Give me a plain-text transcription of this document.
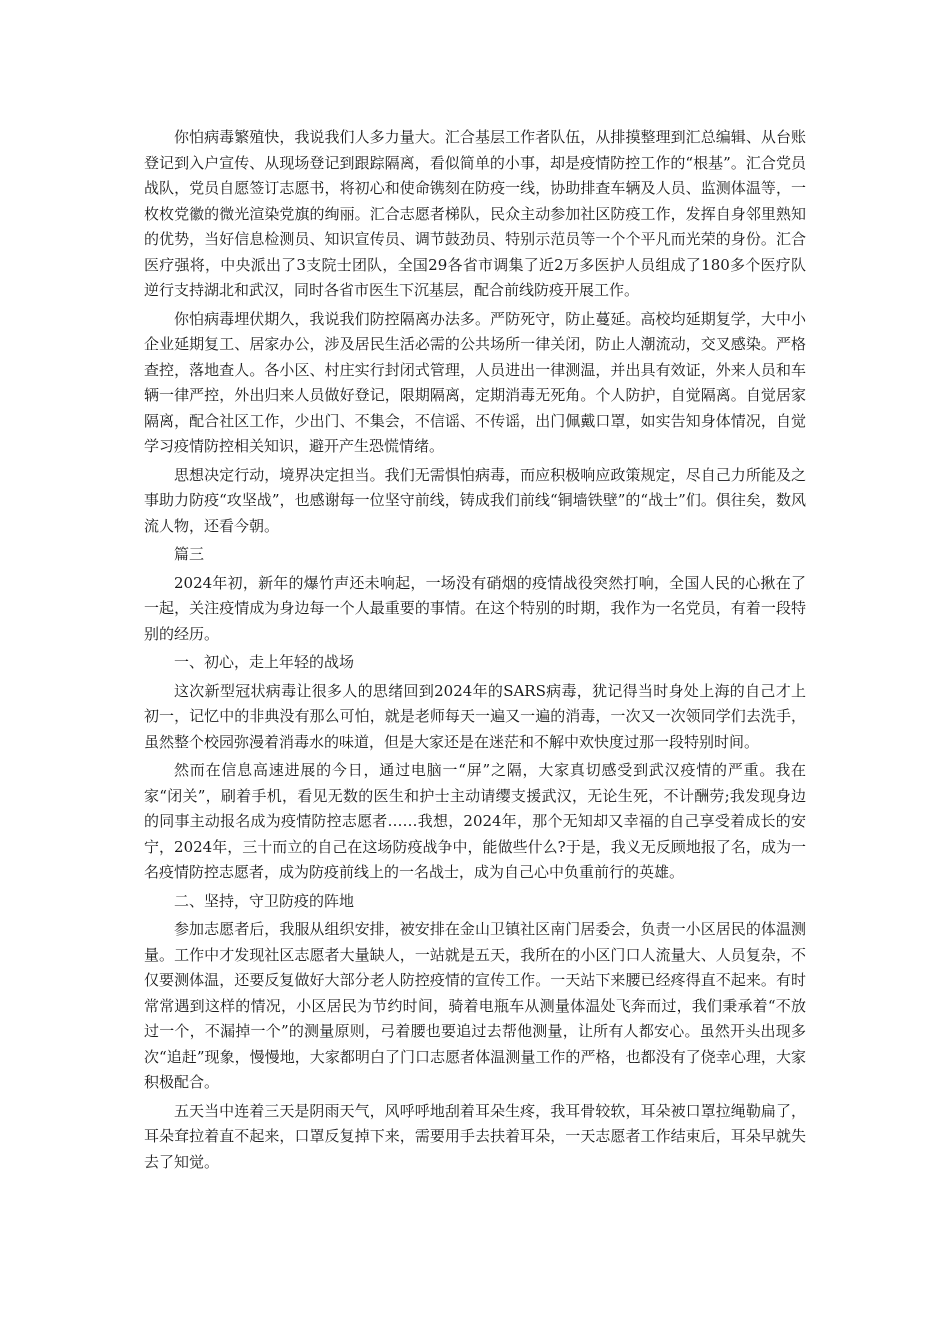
你怕病毒繁殖快，我说我们人多力量大。汇合基层工作者队伍，从排摸整理到汇总编辑、从台账登记到入户宣传、从现场登记到跟踪隔离，看似简单的小事，却是疫情防控工作的“根基”。汇合党员战队，党员自愿签订志愿书，将初心和使命镌刻在防疫一线，协助排查车辆及人员、监测体温等，一枚枚党徽的微光渲染党旗的绚丽。汇合志愿者梯队，民众主动参加社区防疫工作，发挥自身邻里熟知的优势，当好信息检测员、知识宣传员、调节鼓劲员、特别示范员等一个个平凡而光荣的身份。汇合医疗强将，中央派出了3支院士团队，全国29各省市调集了近2万多医护人员组成了180多个医疗队逆行支持湖北和武汉，同时各省市医生下沉基层，配合前线防疫开展工作。

你怕病毒埋伏期久，我说我们防控隔离办法多。严防死守，防止蔓延。高校均延期复学，大中小企业延期复工、居家办公，涉及居民生活必需的公共场所一律关闭，防止人潮流动，交叉感染。严格查控，落地查人。各小区、村庄实行封闭式管理，人员进出一律测温，并出具有效证，外来人员和车辆一律严控，外出归来人员做好登记，限期隔离，定期消毒无死角。个人防护，自觉隔离。自觉居家隔离，配合社区工作，少出门、不集会，不信谣、不传谣，出门佩戴口罩，如实告知身体情况，自觉学习疫情防控相关知识，避开产生恐慌情绪。

思想决定行动，境界决定担当。我们无需惧怕病毒，而应积极响应政策规定，尽自己力所能及之事助力防疫“攻坚战”，也感谢每一位坚守前线，铸成我们前线“铜墙铁壁”的“战士”们。俱往矣，数风流人物，还看今朝。

篇三

2024年初，新年的爆竹声还未响起，一场没有硝烟的疫情战役突然打响，全国人民的心揪在了一起，关注疫情成为身边每一个人最重要的事情。在这个特别的时期，我作为一名党员，有着一段特别的经历。

一、初心，走上年轻的战场

这次新型冠状病毒让很多人的思绪回到2024年的SARS病毒，犹记得当时身处上海的自己才上初一，记忆中的非典没有那么可怕，就是老师每天一遍又一遍的消毒，一次又一次领同学们去洗手，虽然整个校园弥漫着消毒水的味道，但是大家还是在迷茫和不解中欢快度过那一段特别时间。

然而在信息高速进展的今日，通过电脑一“屏”之隔，大家真切感受到武汉疫情的严重。我在家“闭关”，刷着手机，看见无数的医生和护士主动请缨支援武汉，无论生死，不计酬劳;我发现身边的同事主动报名成为疫情防控志愿者……我想，2024年，那个无知却又幸福的自己享受着成长的安宁，2024年，三十而立的自己在这场防疫战争中，能做些什么?于是，我义无反顾地报了名，成为一名疫情防控志愿者，成为防疫前线上的一名战士，成为自己心中负重前行的英雄。

二、坚持，守卫防疫的阵地

参加志愿者后，我服从组织安排，被安排在金山卫镇社区南门居委会，负责一小区居民的体温测量。工作中才发现社区志愿者大量缺人，一站就是五天，我所在的小区门口人流量大、人员复杂，不仅要测体温，还要反复做好大部分老人防控疫情的宣传工作。一天站下来腰已经疼得直不起来。有时常常遇到这样的情况，小区居民为节约时间，骑着电瓶车从测量体温处飞奔而过，我们秉承着“不放过一个，不漏掉一个”的测量原则，弓着腰也要追过去帮他测量，让所有人都安心。虽然开头出现多次“追赶”现象，慢慢地，大家都明白了门口志愿者体温测量工作的严格，也都没有了侥幸心理，大家积极配合。

五天当中连着三天是阴雨天气，风呼呼地刮着耳朵生疼，我耳骨较软，耳朵被口罩拉绳勒扁了，耳朵耷拉着直不起来，口罩反复掉下来，需要用手去扶着耳朵，一天志愿者工作结束后，耳朵早就失去了知觉。
